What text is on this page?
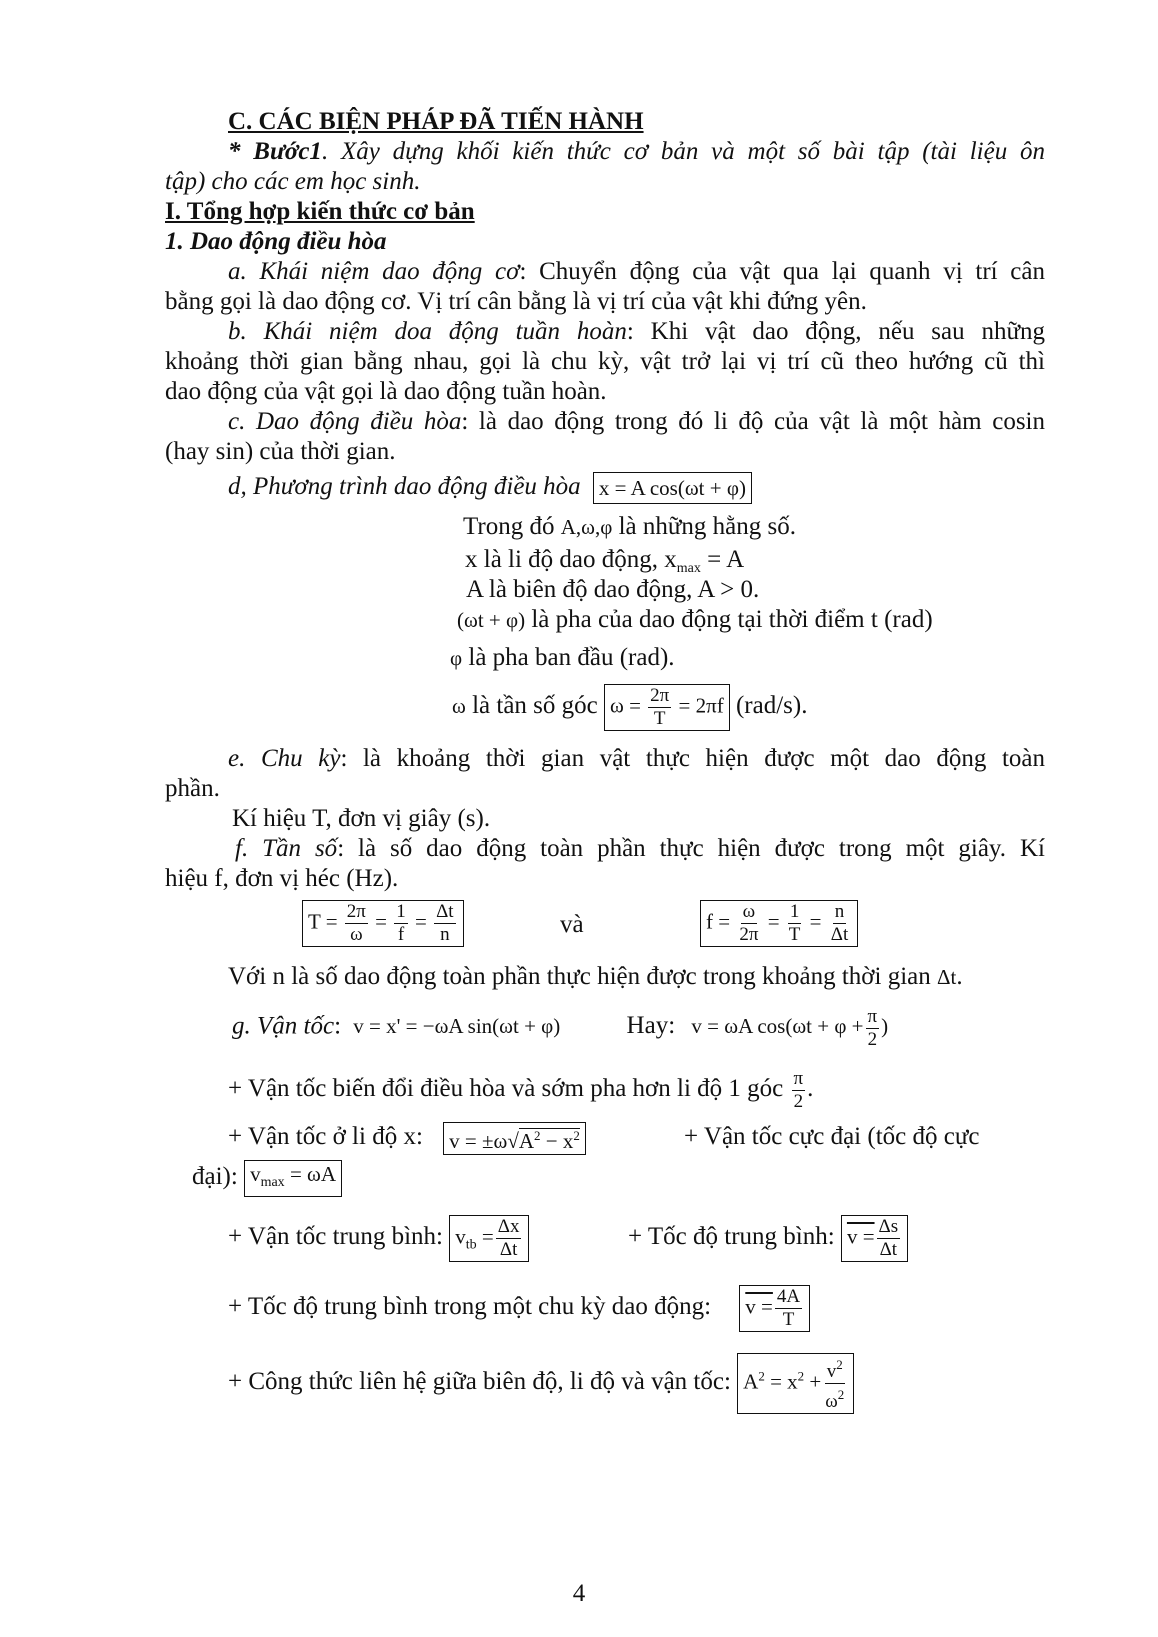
C. CÁC BIỆN PHÁP ĐÃ TIẾN HÀNH
* Bước1. Xây dựng khối kiến thức cơ bản và một số bài tập (tài liệu ôn
tập) cho các em học sinh.
I. Tổng hợp kiến thức cơ bản
1. Dao động điều hòa
a. Khái niệm dao động cơ: Chuyển động của vật qua lại quanh vị trí cân
bằng gọi là dao động cơ. Vị trí cân bằng là vị trí của vật khi đứng yên.
b. Khái niệm doa động tuần hoàn: Khi vật dao động, nếu sau những
khoảng thời gian bằng nhau, gọi là chu kỳ, vật trở lại vị trí cũ theo hướng cũ thì
dao động của vật gọi là dao động tuần hoàn.
c. Dao động điều hòa: là dao động trong đó li độ của vật là một hàm cosin
(hay sin) của thời gian.
d, Phương trình dao động điều hòa x = A cos(ωt + φ)
Trong đó A,ω,φ là những hằng số.
x là li độ dao động, $x_{max} = A$
A là biên độ dao động, A > 0.
(ωt + φ) là pha của dao động tại thời điểm t (rad)
φ là pha ban đầu (rad).
ω là tần số góc $\omega = \frac{2\pi}{T} = 2\pi f$ (rad/s).
e. Chu kỳ: là khoảng thời gian vật thực hiện được một dao động toàn
phần.
Kí hiệu T, đơn vị giây (s).
f. Tần số: là số dao động toàn phần thực hiện được trong một giây. Kí
hiệu f, đơn vị héc (Hz).
$T = \frac{2\pi}{\omega} = \frac{1}{f} = \frac{\Delta t}{n}$	và	$f = \frac{\omega}{2\pi} = \frac{1}{T} = \frac{n}{\Delta t}$
Với n là số dao động toàn phần thực hiện được trong khoảng thời gian Δt.
g. Vận tốc: v = x' = −ωA sin(ωt + φ)	Hay: v = ωA $\cos(\omega t + \varphi + \frac{\pi}{2}$ )
+ Vận tốc biến đổi điều hòa và sớm pha hơn li độ 1 góc $\frac{\pi}{2}$ .
+ Vận tốc ở li độ x: $v = \pm\omega√A^2 - x^2$	+ Vận tốc cực đại (tốc độ cực
đại): $v_{max} = \omega A$
+ Vận tốc trung bình: $v_{tb} = \frac{\Delta x}{\Delta t}$	+ Tốc độ trung bình: $v = \frac{\Delta s}{\Delta t}$
+ Tốc độ trung bình trong một chu kỳ dao động: $v = \frac{4A}{T}$
+ Công thức liên hệ giữa biên độ, li độ và vận tốc: $A^2 = x^2 + \frac{v^2}{\omega^2}$
4
